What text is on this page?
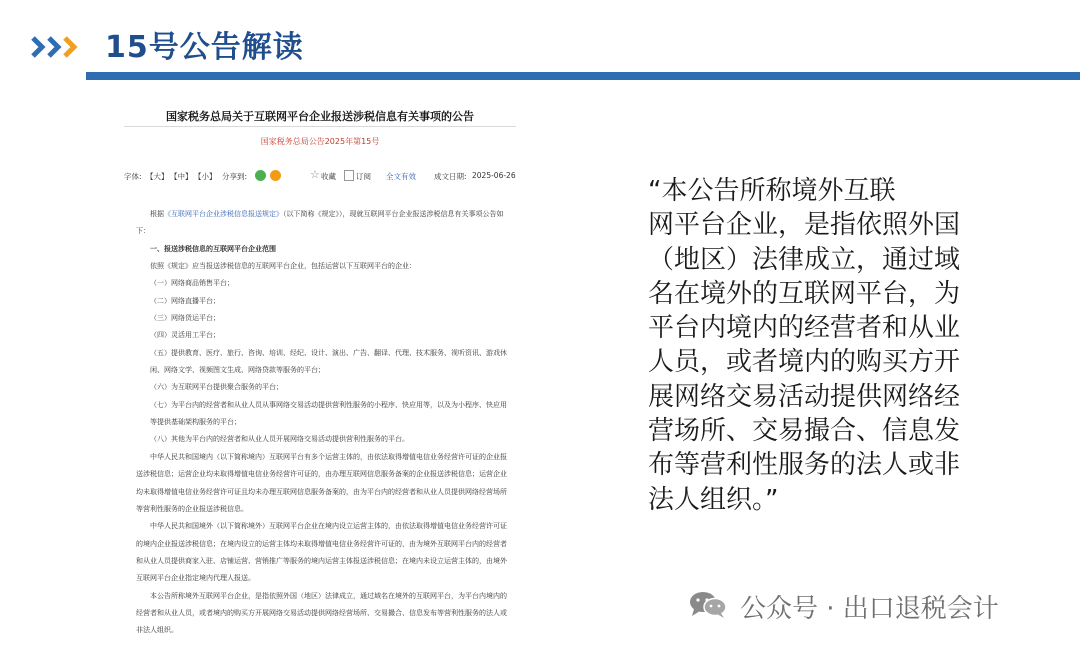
15号公告解读
国家税务总局关于互联网平台企业报送涉税信息有关事项的公告
国家税务总局公告2025年第15号
字体: 【大】 【中】 【小】 分享到:	☆ 收藏	订阅 全文有效 成文日期: 2025-06-26

根据《互联网平台企业涉税信息报送规定》（以下简称《规定》），现就互联网平台企业报送涉税信息有关事项公告如下：

一、报送涉税信息的互联网平台企业范围

依照《规定》应当报送涉税信息的互联网平台企业，包括运营以下互联网平台的企业：

（一）网络商品销售平台；

（二）网络直播平台；

（三）网络货运平台；

（四）灵活用工平台；

（五）提供教育、医疗、旅行、咨询、培训、经纪、设计、演出、广告、翻译、代理、技术服务、视听资讯、游戏休闲、网络文学、视频图文生成、网络贷款等服务的平台；

（六）为互联网平台提供聚合服务的平台；

（七）为平台内的经营者和从业人员从事网络交易活动提供营利性服务的小程序、快应用等，以及为小程序、快应用等提供基础架构服务的平台；

（八）其他为平台内的经营者和从业人员开展网络交易活动提供营利性服务的平台。

中华人民共和国境内（以下简称境内）互联网平台有多个运营主体的，由依法取得增值电信业务经营许可证的企业报送涉税信息；运营企业均未取得增值电信业务经营许可证的，由办理互联网信息服务备案的企业报送涉税信息；运营企业均未取得增值电信业务经营许可证且均未办理互联网信息服务备案的，由为平台内的经营者和从业人员提供网络经营场所等营利性服务的企业报送涉税信息。

中华人民共和国境外（以下简称境外）互联网平台企业在境内设立运营主体的，由依法取得增值电信业务经营许可证的境内企业报送涉税信息；在境内设立的运营主体均未取得增值电信业务经营许可证的，由为境外互联网平台内的经营者和从业人员提供商家入驻、店铺运营、营销推广等服务的境内运营主体报送涉税信息；在境内未设立运营主体的，由境外互联网平台企业指定境内代理人报送。

本公告所称境外互联网平台企业，是指依照外国（地区）法律成立，通过域名在境外的互联网平台，为平台内境内的经营者和从业人员，或者境内的购买方开展网络交易活动提供网络经营场所、交易撮合、信息发布等营利性服务的法人或非法人组织。

“本公告所称境外互联
网平台企业，是指依照外国
（地区）法律成立，通过域
名在境外的互联网平台，为
平台内境内的经营者和从业
人员，或者境内的购买方开
展网络交易活动提供网络经
营场所、交易撮合、信息发
布等营利性服务的法人或非
法人组织。”
公众号 · 出口退税会计
